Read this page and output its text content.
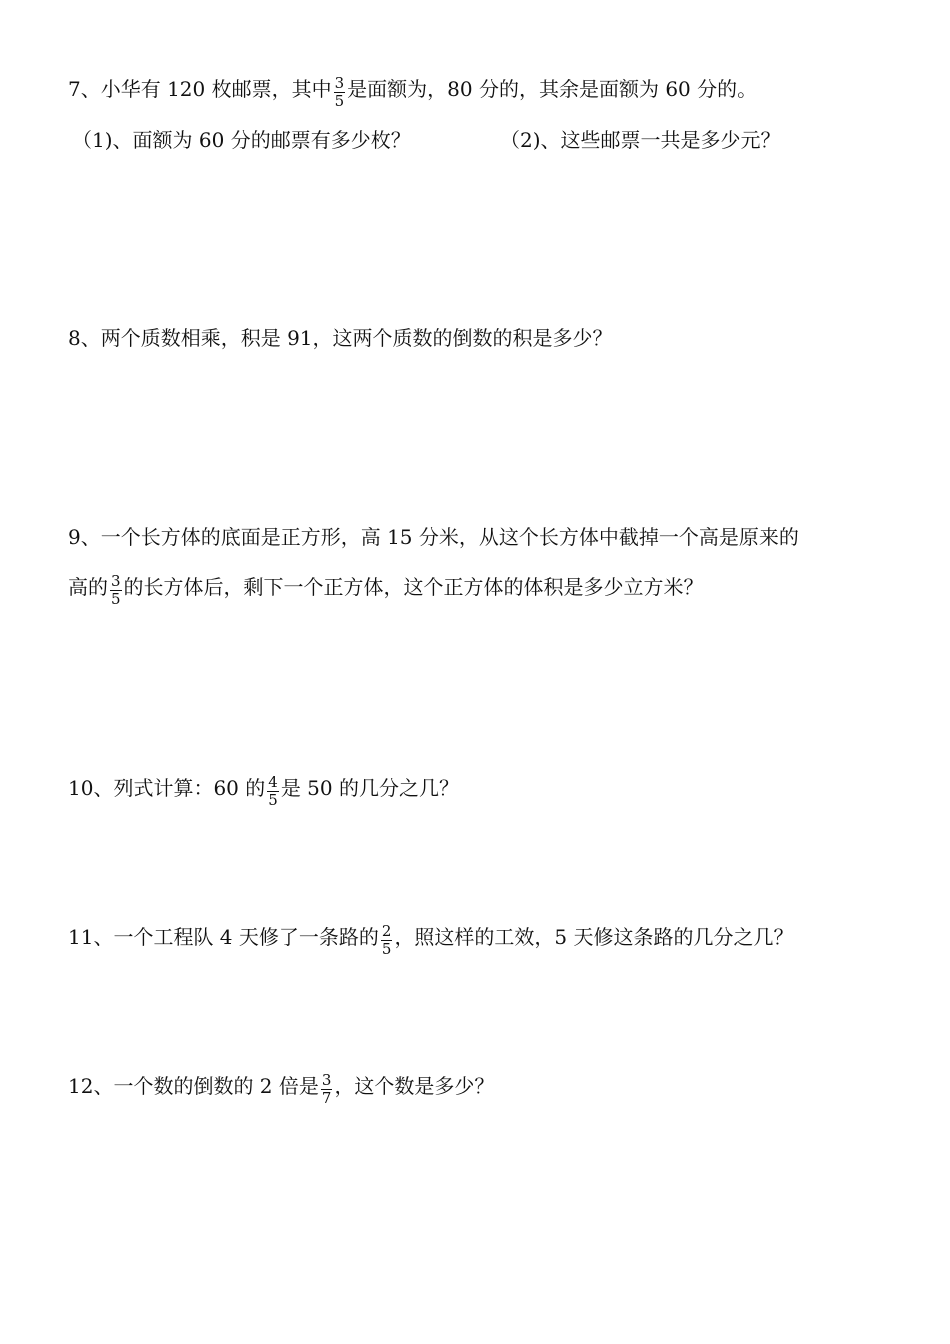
7、小华有 120 枚邮票，其中 $\frac{3}{5}$ 是面额为，80 分的，其余是面额为 60 分的。
（1)、面额为 60 分的邮票有多少枚？	（2)、这些邮票一共是多少元？
8、两个质数相乘，积是 91，这两个质数的倒数的积是多少？
9、一个长方体的底面是正方形，高 15 分米，从这个长方体中截掉一个高是原来的
高的 $\frac{3}{5}$ 的长方体后，剩下一个正方体，这个正方体的体积是多少立方米？
10、列式计算：60 的 $\frac{4}{5}$ 是 50 的几分之几？
11、一个工程队 4 天修了一条路的 $\frac{2}{5}$ ，照这样的工效，5 天修这条路的几分之几？
12、一个数的倒数的 2 倍是 $\frac{3}{7}$ ，这个数是多少？
